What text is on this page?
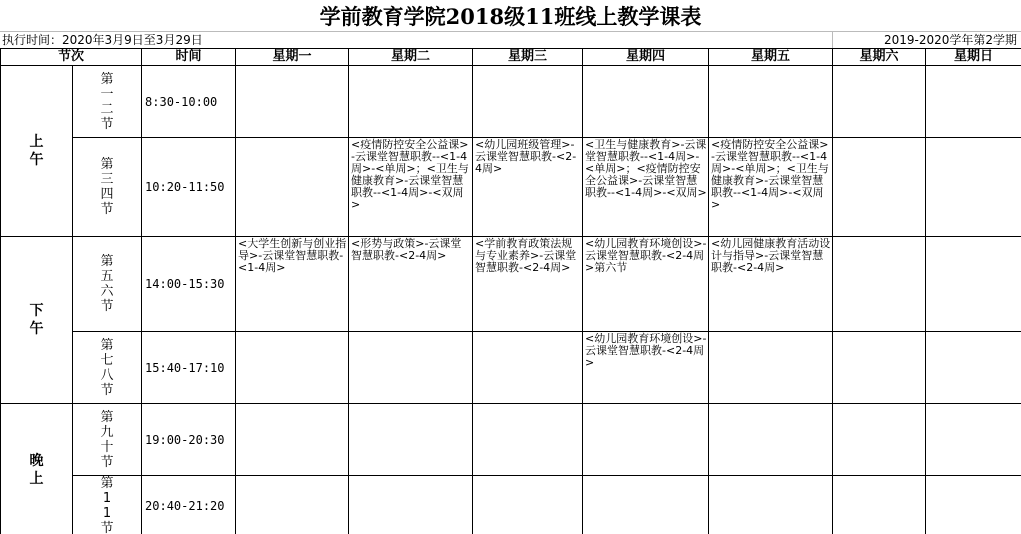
学前教育学院2018级11班线上教学课表
执行时间：2020年3月9日至3月29日	2019-2020学年第2学期
节次		时间	星期一	星期二	星期三	星期四	星期五	星期六	星期日
上午	第一二节	8:30-10:00							
	第三四节	10:20-11:50		<疫情防控安全公益课>-云课堂智慧职教--<1-4周>-<单周>；<卫生与健康教育>-云课堂智慧职教--<1-4周>-<双周>	<幼儿园班级管理>-云课堂智慧职教-<2-4周>	<卫生与健康教育>-云课堂智慧职教--<1-4周>-<单周>；<疫情防控安全公益课>-云课堂智慧职教--<1-4周>-<双周>	<疫情防控安全公益课>-云课堂智慧职教--<1-4周>-<单周>；<卫生与健康教育>-云课堂智慧职教--<1-4周>-<双周>		
下午	第五六节	14:00-15:30	<大学生创新与创业指导>-云课堂智慧职教-<1-4周>	<形势与政策>-云课堂智慧职教-<2-4周>	<学前教育政策法规与专业素养>-云课堂智慧职教-<2-4周>	<幼儿园教育环境创设>-云课堂智慧职教-<2-4周>第六节	<幼儿园健康教育活动设计与指导>-云课堂智慧职教-<2-4周>		
	第七八节	15:40-17:10				<幼儿园教育环境创设>-云课堂智慧职教-<2-4周>			
晚上	第九十节	19:00-20:30							
	第11节	20:40-21:20							
